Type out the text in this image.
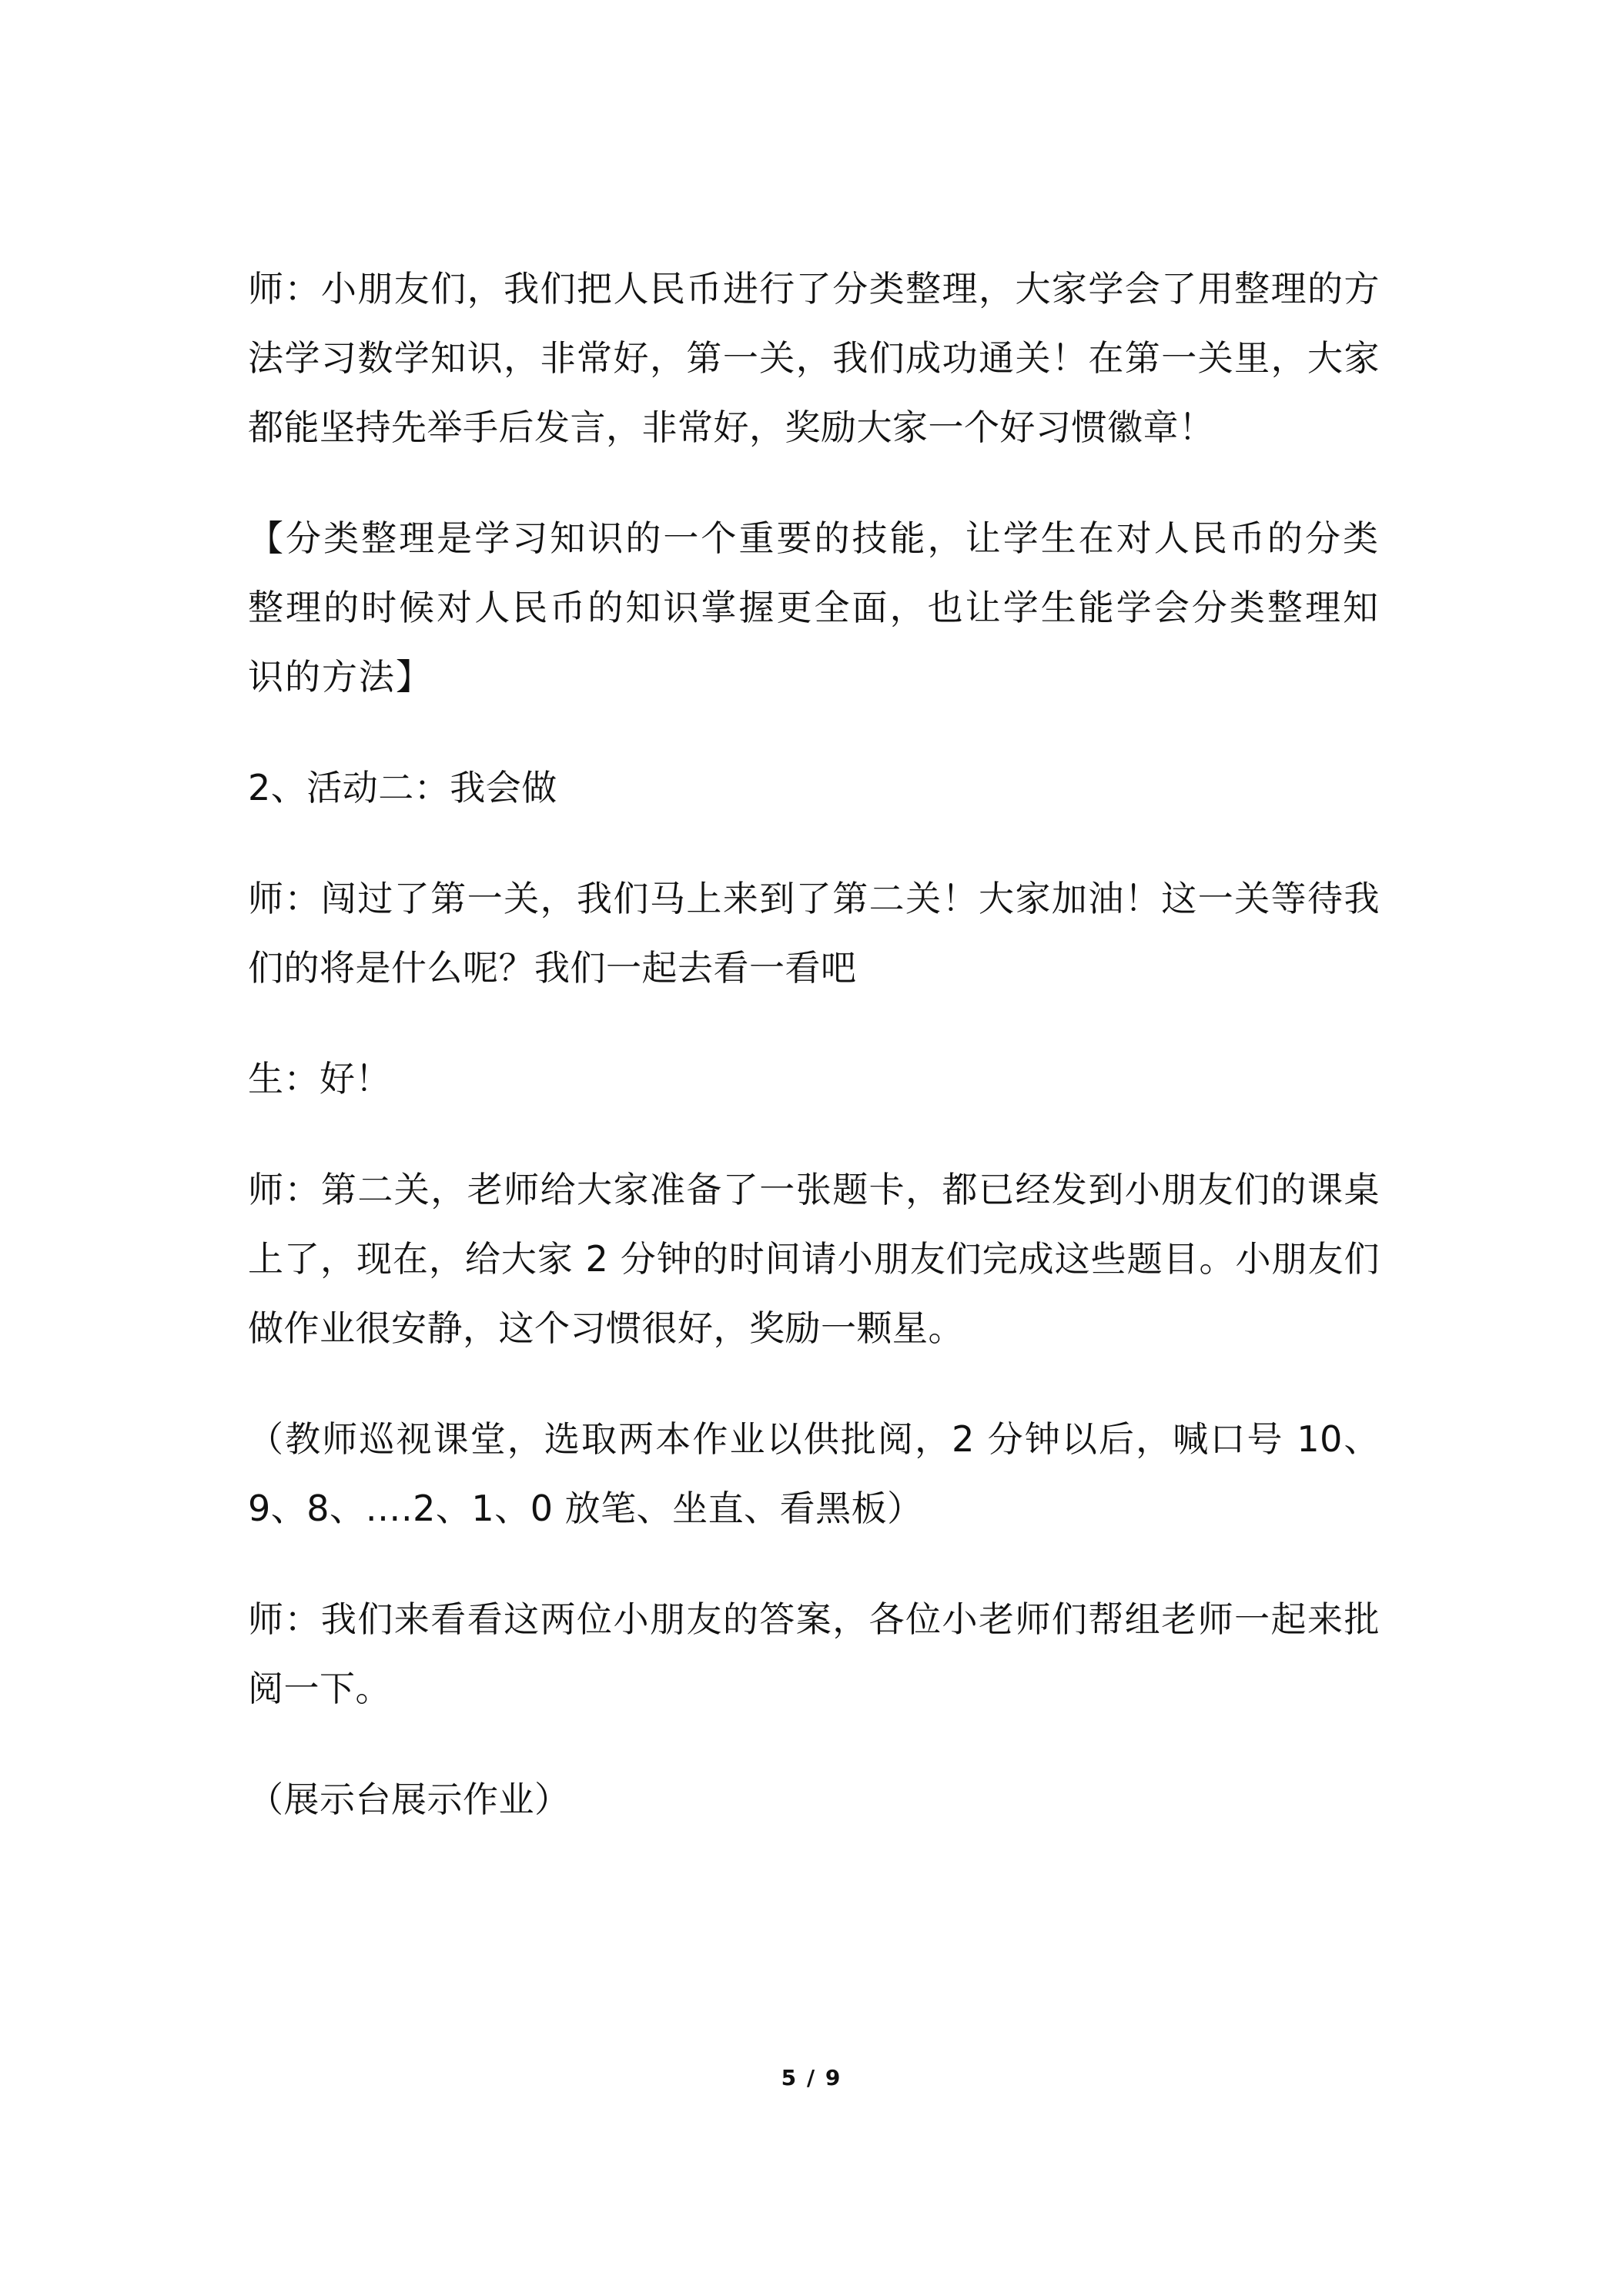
师：小朋友们，我们把人民币进行了分类整理，大家学会了用整理的方法学习数学知识，非常好，第一关，我们成功通关！在第一关里，大家都能坚持先举手后发言，非常好，奖励大家一个好习惯徽章！

【分类整理是学习知识的一个重要的技能，让学生在对人民币的分类整理的时候对人民币的知识掌握更全面，也让学生能学会分类整理知识的方法】

2、活动二：我会做

师：闯过了第一关，我们马上来到了第二关！大家加油！这一关等待我们的将是什么呢？我们一起去看一看吧

生：好！

师：第二关，老师给大家准备了一张题卡，都已经发到小朋友们的课桌上了，现在，给大家 2 分钟的时间请小朋友们完成这些题目。小朋友们做作业很安静，这个习惯很好，奖励一颗星。

（教师巡视课堂，选取两本作业以供批阅，2 分钟以后，喊口号 10、9、8、….2、1、0 放笔、坐直、看黑板）

师：我们来看看这两位小朋友的答案，各位小老师们帮组老师一起来批阅一下。

（展示台展示作业）

5 / 9
